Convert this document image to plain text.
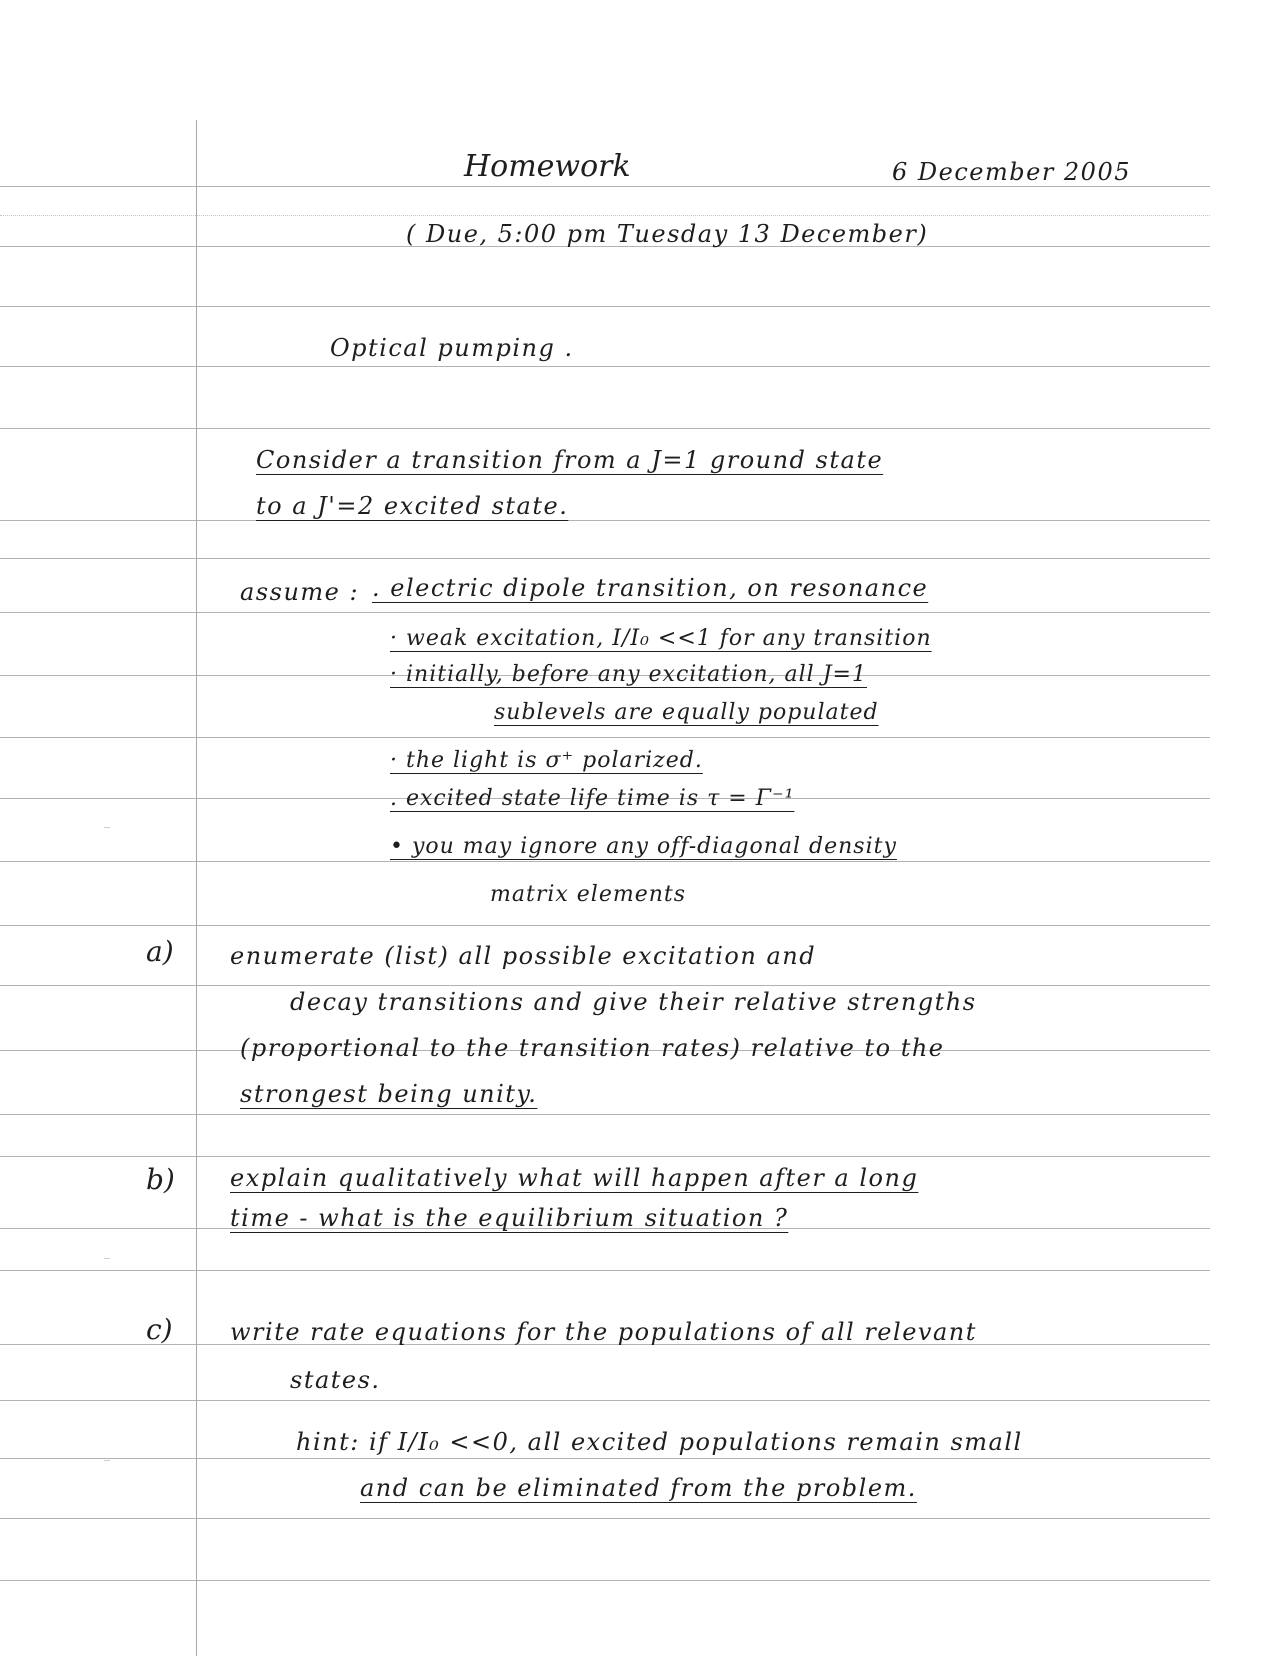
Homework	6 December 2005
( Due, 5:00 pm Tuesday 13 December)
Optical pumping .
Consider a transition from a J=1 ground state
to a J'=2 excited state.
assume : . electric dipole transition, on resonance
· weak excitation, I/I₀ <<1 for any transition
· initially, before any excitation, all J=1
sublevels are equally populated
· the light is σ⁺ polarized.
. excited state life time is τ = Γ⁻¹
• you may ignore any off-diagonal density
matrix elements
a) enumerate (list) all possible excitation and
decay transitions and give their relative strengths
(proportional to the transition rates) relative to the
strongest being unity.
b) explain qualitatively what will happen after a long
time - what is the equilibrium situation ?
c) write rate equations for the populations of all relevant
states.
hint: if I/I₀ <<0, all excited populations remain small
and can be eliminated from the problem.
